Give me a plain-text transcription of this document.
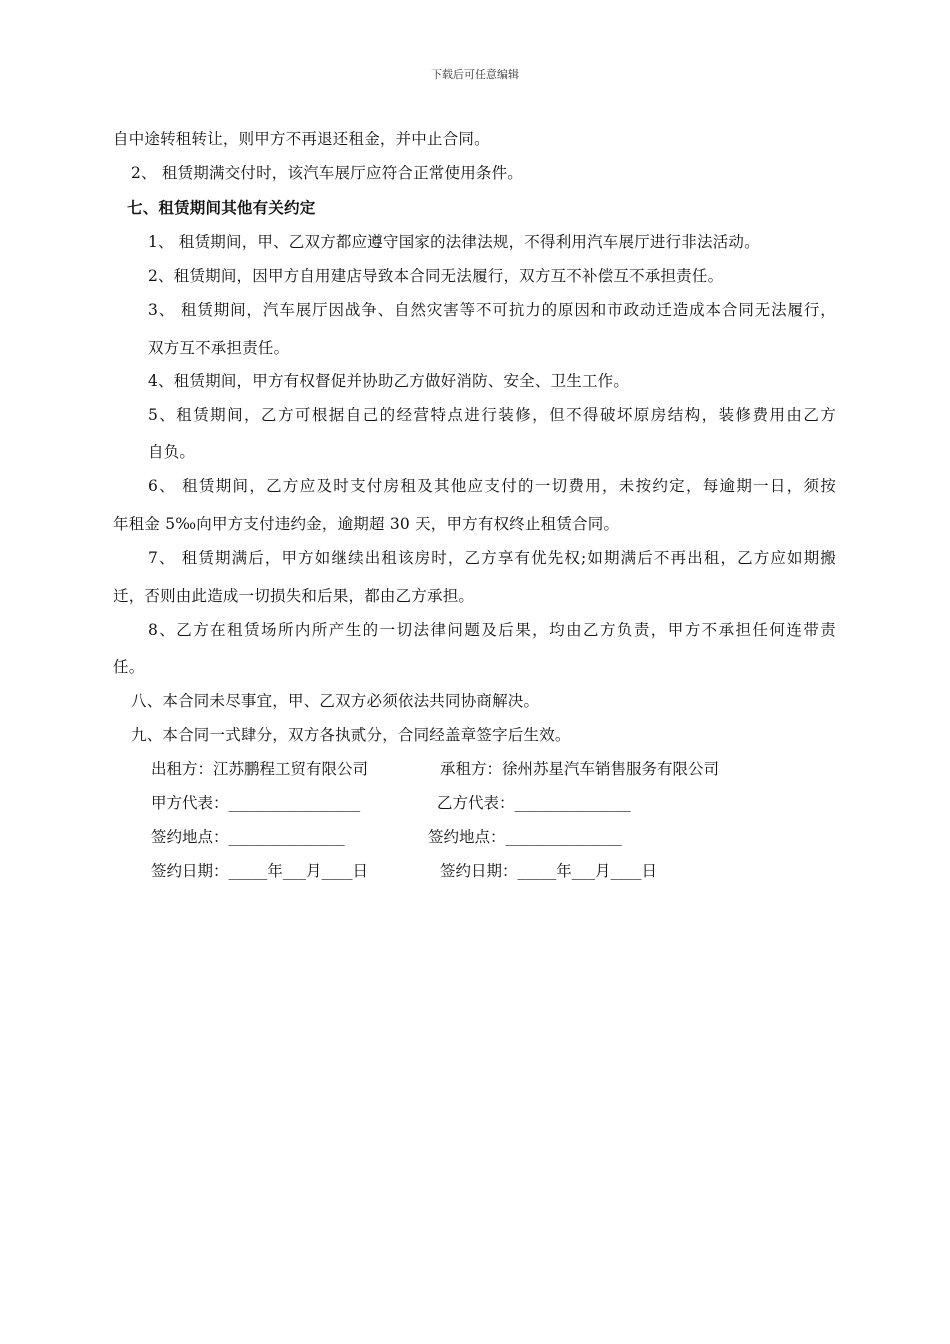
下载后可任意编辑
自中途转租转让，则甲方不再退还租金，并中止合同。
2、 租赁期满交付时，该汽车展厅应符合正常使用条件。
七、租赁期间其他有关约定
1、 租赁期间，甲、乙双方都应遵守国家的法律法规，不得利用汽车展厅进行非法活动。
2、租赁期间，因甲方自用建店导致本合同无法履行，双方互不补偿互不承担责任。
3、 租赁期间，汽车展厅因战争、自然灾害等不可抗力的原因和市政动迁造成本合同无法履行，
双方互不承担责任。
4、租赁期间，甲方有权督促并协助乙方做好消防、安全、卫生工作。
5、租赁期间，乙方可根据自己的经营特点进行装修，但不得破坏原房结构，装修费用由乙方
自负。
6、 租赁期间，乙方应及时支付房租及其他应支付的一切费用，未按约定，每逾期一日，须按
年租金 5‰向甲方支付违约金，逾期超 30 天，甲方有权终止租赁合同。
7、 租赁期满后，甲方如继续出租该房时，乙方享有优先权;如期满后不再出租，乙方应如期搬
迁，否则由此造成一切损失和后果，都由乙方承担。
8、乙方在租赁场所内所产生的一切法律问题及后果，均由乙方负责，甲方不承担任何连带责
任。
八、本合同未尽事宜，甲、乙双方必须依法共同协商解决。
九、本合同一式肆分，双方各执贰分，合同经盖章签字后生效。
出租方：江苏鹏程工贸有限公司	承租方：徐州苏星汽车销售服务有限公司
甲方代表：_________________	乙方代表：_______________
签约地点：_______________	签约地点：_______________
签约日期：_____年___月____日	签约日期：_____年___月____日
